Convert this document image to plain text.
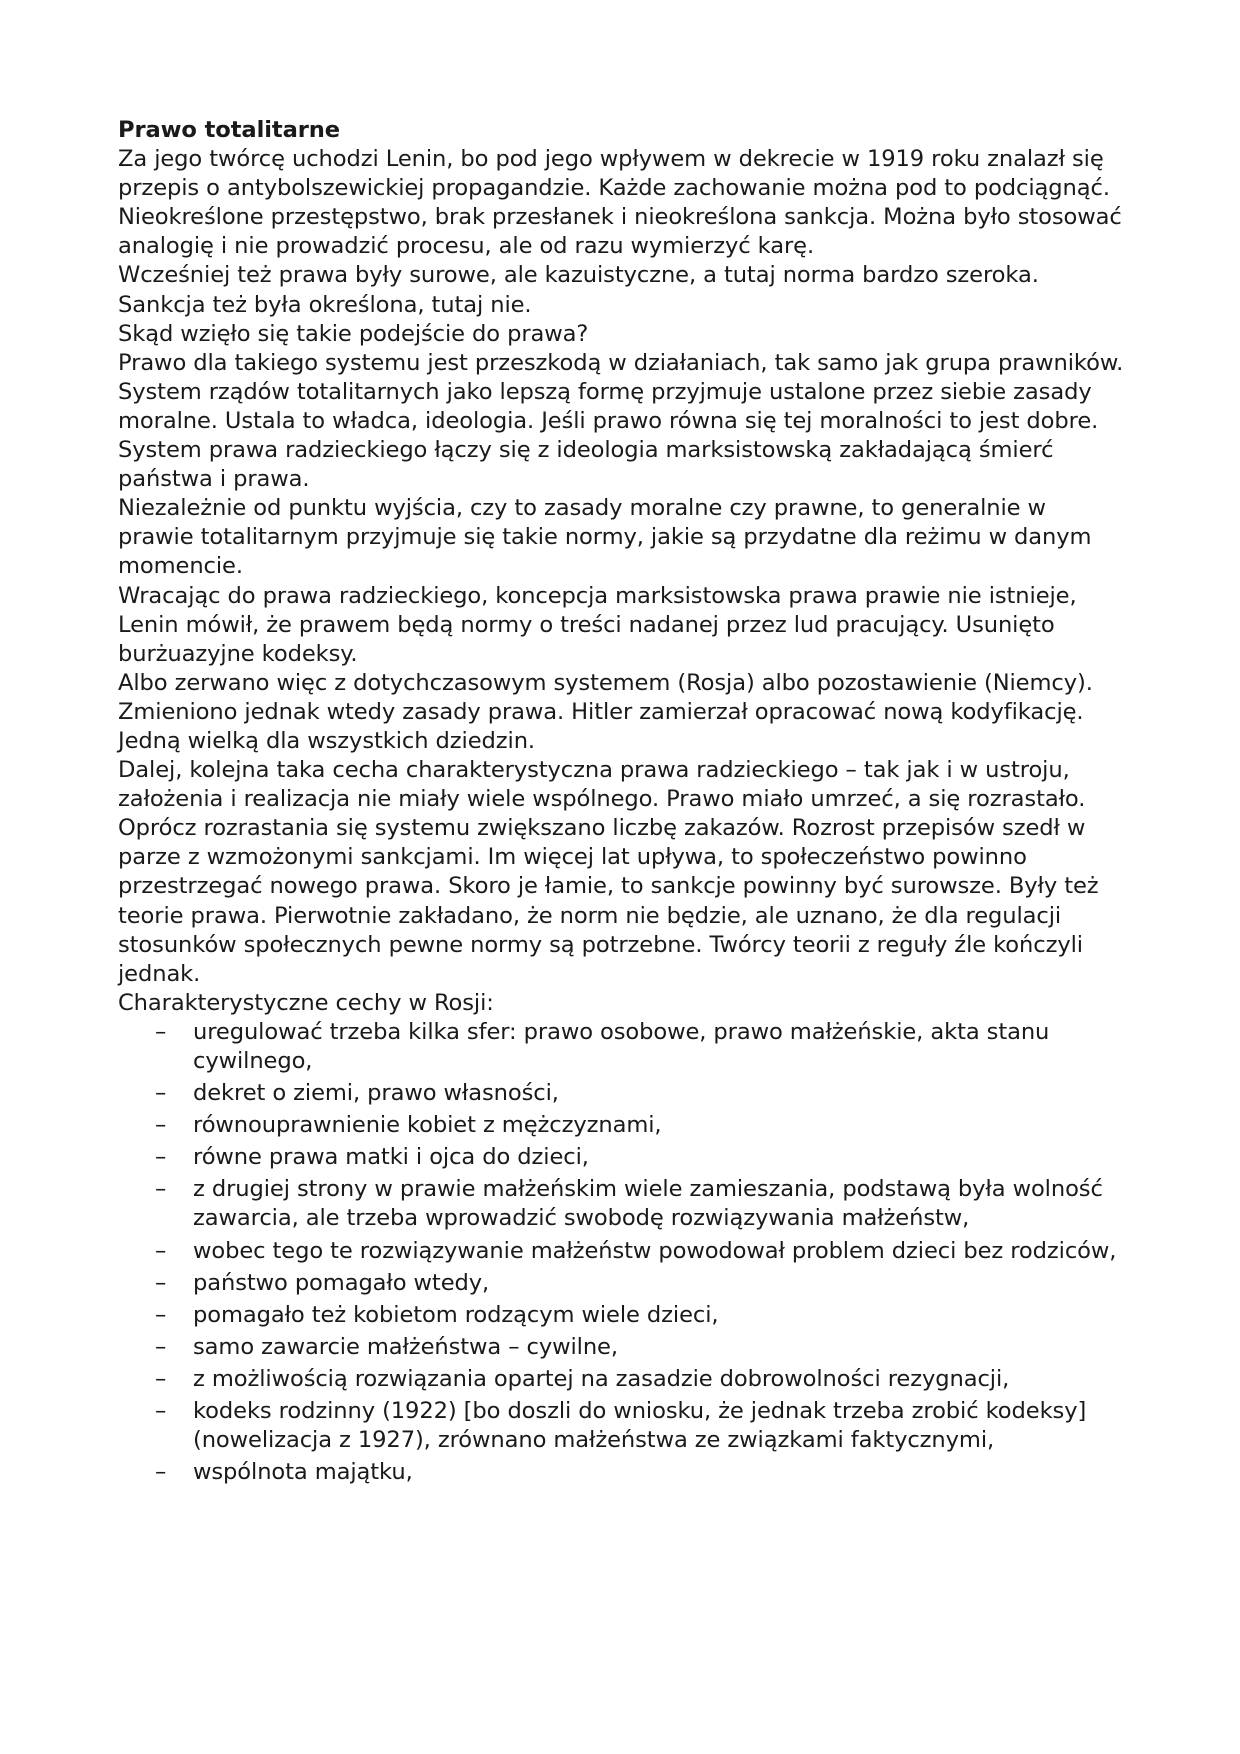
Prawo totalitarne

Za jego twórcę uchodzi Lenin, bo pod jego wpływem w dekrecie w 1919 roku znalazł się przepis o antybolszewickiej propagandzie. Każde zachowanie można pod to podciągnąć. Nieokreślone przestępstwo, brak przesłanek i nieokreślona sankcja. Można było stosować analogię i nie prowadzić procesu, ale od razu wymierzyć karę.

Wcześniej też prawa były surowe, ale kazuistyczne, a tutaj norma bardzo szeroka. Sankcja też była określona, tutaj nie.

Skąd wzięło się takie podejście do prawa?

Prawo dla takiego systemu jest przeszkodą w działaniach, tak samo jak grupa prawników. System rządów totalitarnych jako lepszą formę przyjmuje ustalone przez siebie zasady moralne. Ustala to władca, ideologia. Jeśli prawo równa się tej moralności to jest dobre. System prawa radzieckiego łączy się z ideologia marksistowską zakładającą śmierć państwa i prawa.

Niezależnie od punktu wyjścia, czy to zasady moralne czy prawne, to generalnie w prawie totalitarnym przyjmuje się takie normy, jakie są przydatne dla reżimu w danym momencie.

Wracając do prawa radzieckiego, koncepcja marksistowska prawa prawie nie istnieje, Lenin mówił, że prawem będą normy o treści nadanej przez lud pracujący. Usunięto burżuazyjne kodeksy.

Albo zerwano więc z dotychczasowym systemem (Rosja) albo pozostawienie (Niemcy). Zmieniono jednak wtedy zasady prawa. Hitler zamierzał opracować nową kodyfikację. Jedną wielką dla wszystkich dziedzin.

Dalej, kolejna taka cecha charakterystyczna prawa radzieckiego – tak jak i w ustroju, założenia i realizacja nie miały wiele wspólnego. Prawo miało umrzeć, a się rozrastało. Oprócz rozrastania się systemu zwiększano liczbę zakazów. Rozrost przepisów szedł w parze z wzmożonymi sankcjami. Im więcej lat upływa, to społeczeństwo powinno przestrzegać nowego prawa. Skoro je łamie, to sankcje powinny być surowsze. Były też teorie prawa. Pierwotnie zakładano, że norm nie będzie, ale uznano, że dla regulacji stosunków społecznych pewne normy są potrzebne. Twórcy teorii z reguły źle kończyli jednak.

Charakterystyczne cechy w Rosji:

– uregulować trzeba kilka sfer: prawo osobowe, prawo małżeńskie, akta stanu cywilnego,
– dekret o ziemi, prawo własności,
– równouprawnienie kobiet z mężczyznami,
– równe prawa matki i ojca do dzieci,
– z drugiej strony w prawie małżeńskim wiele zamieszania, podstawą była wolność zawarcia, ale trzeba wprowadzić swobodę rozwiązywania małżeństw,
– wobec tego te rozwiązywanie małżeństw powodował problem dzieci bez rodziców,
– państwo pomagało wtedy,
– pomagało też kobietom rodzącym wiele dzieci,
– samo zawarcie małżeństwa – cywilne,
– z możliwością rozwiązania opartej na zasadzie dobrowolności rezygnacji,
– kodeks rodzinny (1922) [bo doszli do wniosku, że jednak trzeba zrobić kodeksy] (nowelizacja z 1927), zrównano małżeństwa ze związkami faktycznymi,
– wspólnota majątku,
